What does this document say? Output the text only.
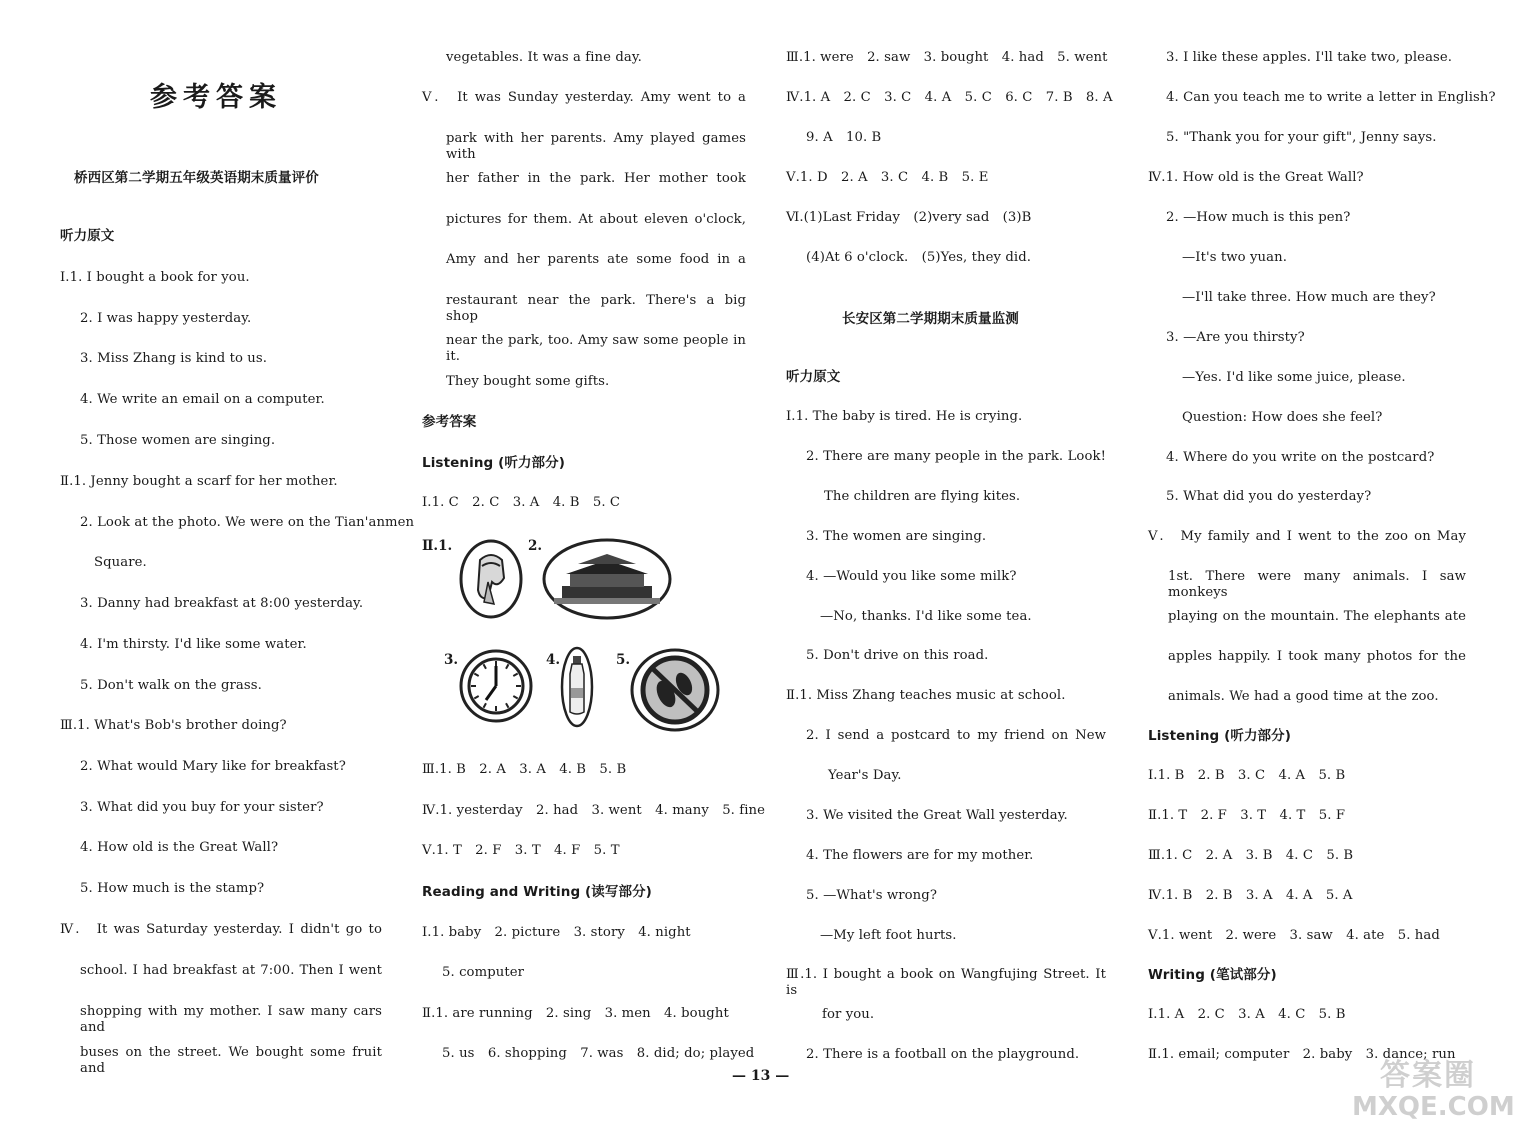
参考答案
桥西区第二学期五年级英语期末质量评价
听力原文
Ⅰ.1. I bought a book for you.
2. I was happy yesterday.
3. Miss Zhang is kind to us.
4. We write an email on a computer.
5. Those women are singing.
Ⅱ.1. Jenny bought a scarf for her mother.
2. Look at the photo. We were on the Tian'anmen
Square.
3. Danny had breakfast at 8:00 yesterday.
4. I'm thirsty. I'd like some water.
5. Don't walk on the grass.
Ⅲ.1. What's Bob's brother doing?
2. What would Mary like for breakfast?
3. What did you buy for your sister?
4. How old is the Great Wall?
5. How much is the stamp?
Ⅳ.　It was Saturday yesterday. I didn't go to
school. I had breakfast at 7:00. Then I went
shopping with my mother. I saw many cars and
buses on the street. We bought some fruit and
vegetables. It was a fine day.
Ⅴ.　It was Sunday yesterday. Amy went to a
park with her parents. Amy played games with
her father in the park. Her mother took
pictures for them. At about eleven o'clock,
Amy and her parents ate some food in a
restaurant near the park. There's a big shop
near the park, too. Amy saw some people in it.
They bought some gifts.
参考答案
Listening (听力部分)
Ⅰ.1. C　2. C　3. A　4. B　5. C
Ⅱ.1.	2.
3.	4.	5.
Ⅲ.1. B　2. A　3. A　4. B　5. B
Ⅳ.1. yesterday　2. had　3. went　4. many　5. fine
Ⅴ.1. T　2. F　3. T　4. F　5. T
Reading and Writing (读写部分)
Ⅰ.1. baby　2. picture　3. story　4. night
5. computer
Ⅱ.1. are running　2. sing　3. men　4. bought
5. us　6. shopping　7. was　8. did; do; played
Ⅲ.1. were　2. saw　3. bought　4. had　5. went
Ⅳ.1. A　2. C　3. C　4. A　5. C　6. C　7. B　8. A
9. A　10. B
Ⅴ.1. D　2. A　3. C　4. B　5. E
Ⅵ.(1)Last Friday　(2)very sad　(3)B
(4)At 6 o'clock.　(5)Yes, they did.
长安区第二学期期末质量监测
听力原文
Ⅰ.1. The baby is tired. He is crying.
2. There are many people in the park. Look!
The children are flying kites.
3. The women are singing.
4. —Would you like some milk?
—No, thanks. I'd like some tea.
5. Don't drive on this road.
Ⅱ.1. Miss Zhang teaches music at school.
2. I send a postcard to my friend on New
Year's Day.
3. We visited the Great Wall yesterday.
4. The flowers are for my mother.
5. —What's wrong?
—My left foot hurts.
Ⅲ.1. I bought a book on Wangfujing Street. It is
for you.
2. There is a football on the playground.
3. I like these apples. I'll take two, please.
4. Can you teach me to write a letter in English?
5. "Thank you for your gift", Jenny says.
Ⅳ.1. How old is the Great Wall?
2. —How much is this pen?
—It's two yuan.
—I'll take three. How much are they?
3. —Are you thirsty?
—Yes. I'd like some juice, please.
Question: How does she feel?
4. Where do you write on the postcard?
5. What did you do yesterday?
Ⅴ.　My family and I went to the zoo on May
1st. There were many animals. I saw monkeys
playing on the mountain. The elephants ate
apples happily. I took many photos for the
animals. We had a good time at the zoo.
Listening (听力部分)
Ⅰ.1. B　2. B　3. C　4. A　5. B
Ⅱ.1. T　2. F　3. T　4. T　5. F
Ⅲ.1. C　2. A　3. B　4. C　5. B
Ⅳ.1. B　2. B　3. A　4. A　5. A
Ⅴ.1. went　2. were　3. saw　4. ate　5. had
Writing (笔试部分)
Ⅰ.1. A　2. C　3. A　4. C　5. B
Ⅱ.1. email; computer　2. baby　3. dance; run
— 13 —	答案圈
MXQE.COM
